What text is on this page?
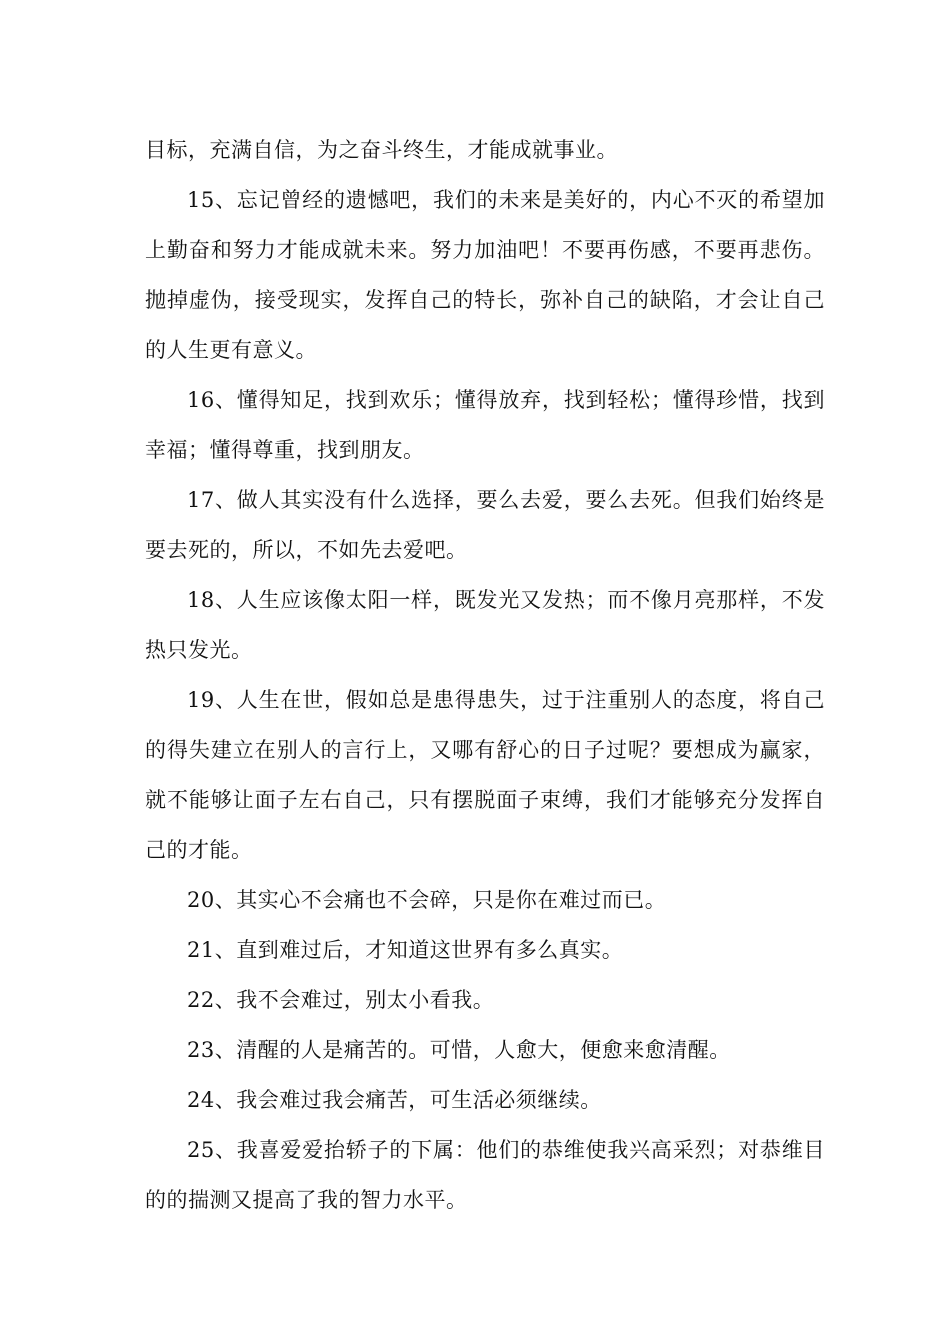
目标，充满自信，为之奋斗终生，才能成就事业。

15、忘记曾经的遗憾吧，我们的未来是美好的，内心不灭的希望加上勤奋和努力才能成就未来。努力加油吧！不要再伤感，不要再悲伤。抛掉虚伪，接受现实，发挥自己的特长，弥补自己的缺陷，才会让自己的人生更有意义。

16、懂得知足，找到欢乐；懂得放弃，找到轻松；懂得珍惜，找到幸福；懂得尊重，找到朋友。

17、做人其实没有什么选择，要么去爱，要么去死。但我们始终是要去死的，所以，不如先去爱吧。

18、人生应该像太阳一样，既发光又发热；而不像月亮那样，不发热只发光。

19、人生在世，假如总是患得患失，过于注重别人的态度，将自己的得失建立在别人的言行上，又哪有舒心的日子过呢？要想成为赢家，就不能够让面子左右自己，只有摆脱面子束缚，我们才能够充分发挥自己的才能。

20、其实心不会痛也不会碎，只是你在难过而已。

21、直到难过后，才知道这世界有多么真实。

22、我不会难过，别太小看我。

23、清醒的人是痛苦的。可惜，人愈大，便愈来愈清醒。

24、我会难过我会痛苦，可生活必须继续。

25、我喜爱爱抬轿子的下属：他们的恭维使我兴高采烈；对恭维目的的揣测又提高了我的智力水平。
